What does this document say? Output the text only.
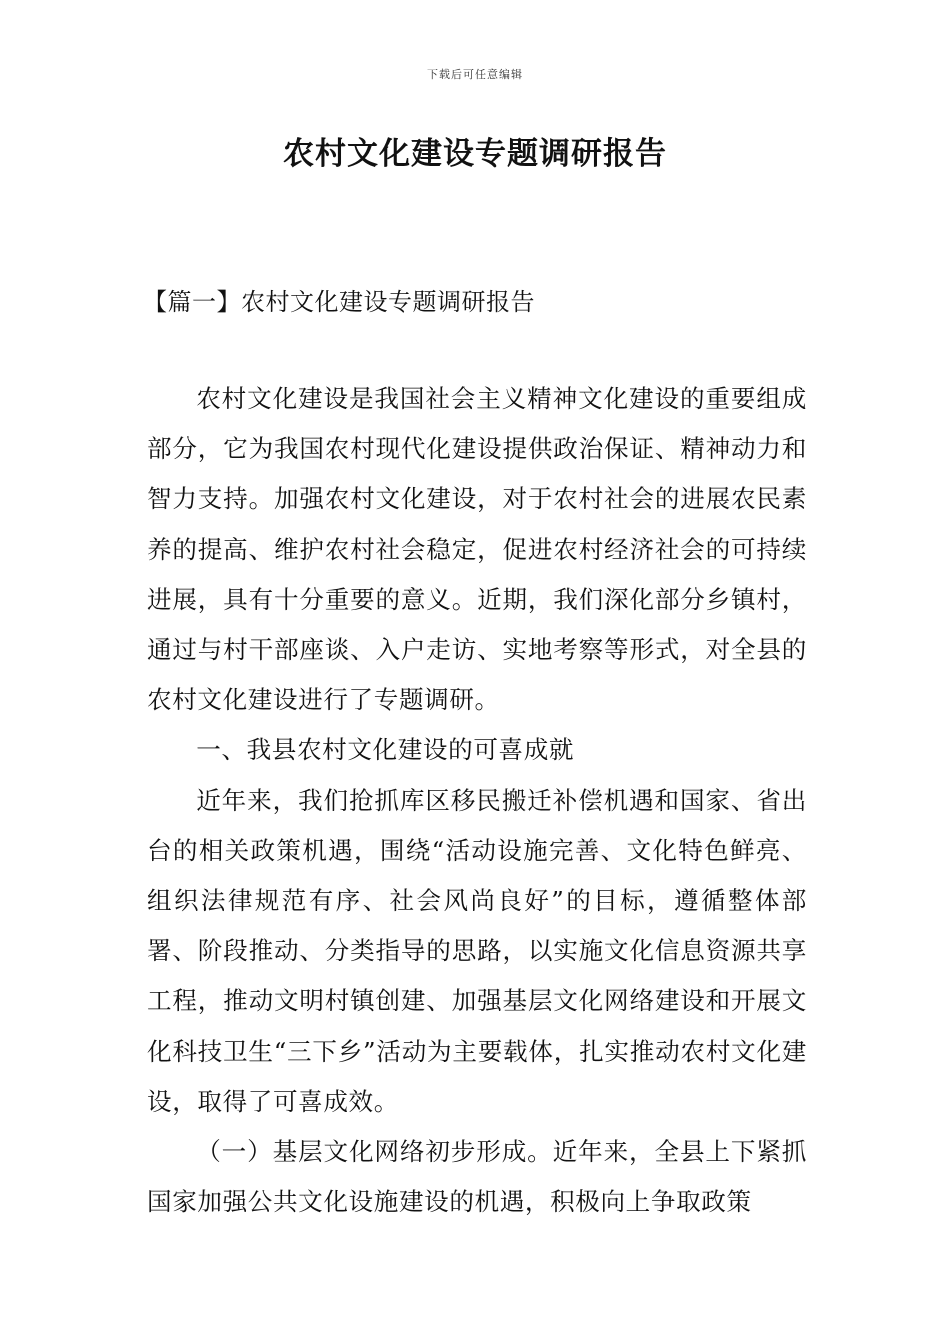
下载后可任意编辑
农村文化建设专题调研报告
【篇一】农村文化建设专题调研报告

农村文化建设是我国社会主义精神文化建设的重要组成部分，它为我国农村现代化建设提供政治保证、精神动力和智力支持。加强农村文化建设，对于农村社会的进展农民素养的提高、维护农村社会稳定，促进农村经济社会的可持续进展，具有十分重要的意义。近期，我们深化部分乡镇村，通过与村干部座谈、入户走访、实地考察等形式，对全县的农村文化建设进行了专题调研。

一、我县农村文化建设的可喜成就

近年来，我们抢抓库区移民搬迁补偿机遇和国家、省出台的相关政策机遇，围绕“活动设施完善、文化特色鲜亮、组织法律规范有序、社会风尚良好”的目标，遵循整体部署、阶段推动、分类指导的思路，以实施文化信息资源共享工程，推动文明村镇创建、加强基层文化网络建设和开展文化科技卫生“三下乡”活动为主要载体，扎实推动农村文化建设，取得了可喜成效。

（一）基层文化网络初步形成。近年来，全县上下紧抓国家加强公共文化设施建设的机遇，积极向上争取政策
